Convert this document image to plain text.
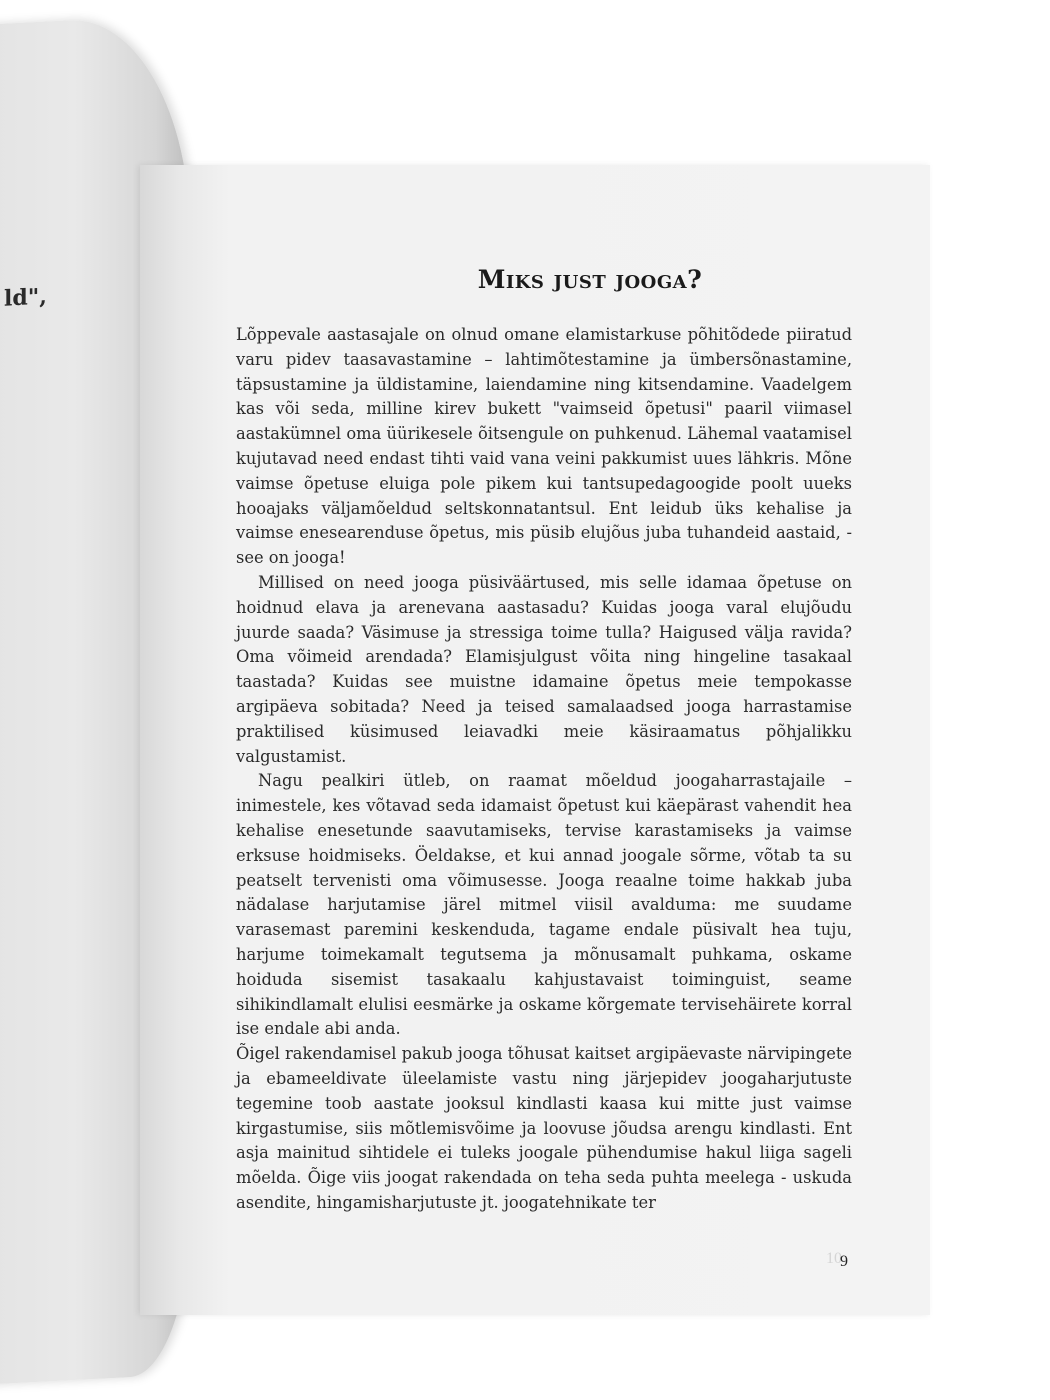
ld",
Miks just jooga?

Lõppevale aastasajale on olnud omane elamistarkuse põhitõdede piiratud varu pidev taasavastamine – lahtimõtestamine ja ümbersõnastamine, täpsustamine ja üldistamine, laiendamine ning kitsendamine. Vaadelgem kas või seda, milline kirev bukett "vaimseid õpetusi" paaril viimasel aastakümnel oma üürikesele õitsengule on puhkenud. Lähemal vaatamisel kujutavad need endast tihti vaid vana veini pakkumist uues lähkris. Mõne vaimse õpetuse eluiga pole pikem kui tantsupedagoogide poolt uueks hooajaks väljamõeldud seltskonnatantsul. Ent leidub üks kehalise ja vaimse enesearenduse õpetus, mis püsib elujõus juba tuhandeid aastaid, - see on jooga!

Millised on need jooga püsiväärtused, mis selle idamaa õpetuse on hoidnud elava ja arenevana aastasadu? Kuidas jooga varal elujõudu juurde saada? Väsimuse ja stressiga toime tulla? Haigused välja ravida? Oma võimeid arendada? Elamisjulgust võita ning hingeline tasakaal taastada? Kuidas see muistne idamaine õpetus meie tempokasse argipäeva sobitada? Need ja teised samalaadsed jooga harrastamise praktilised küsimused leiavadki meie käsiraamatus põhjalikku valgustamist.

Nagu pealkiri ütleb, on raamat mõeldud joogaharrastajaile – inimestele, kes võtavad seda idamaist õpetust kui käepärast vahendit hea kehalise enesetunde saavutamiseks, tervise karastamiseks ja vaimse erksuse hoidmiseks. Öeldakse, et kui annad joogale sõrme, võtab ta su peatselt tervenisti oma võimusesse. Jooga reaalne toime hakkab juba nädalase harjutamise järel mitmel viisil avalduma: me suudame varasemast paremini keskenduda, tagame endale püsivalt hea tuju, harjume toimekamalt tegutsema ja mõnusamalt puhkama, oskame hoiduda sisemist tasakaalu kahjustavaist toiminguist, seame sihikindlamalt elulisi eesmärke ja oskame kõrgemate tervisehäirete korral ise endale abi anda.

Õigel rakendamisel pakub jooga tõhusat kaitset argipäevaste närvipingete ja ebameeldivate üleelamiste vastu ning järjepidev joogaharjutuste tegemine toob aastate jooksul kindlasti kaasa kui mitte just vaimse kirgastumise, siis mõtlemisvõime ja loovuse jõudsa arengu kindlasti. Ent asja mainitud sihtidele ei tuleks joogale pühendumise hakul liiga sageli mõelda. Õige viis joogat rakendada on teha seda puhta meelega - uskuda asendite, hingamisharjutuste jt. joogatehnikate ter

10
9
